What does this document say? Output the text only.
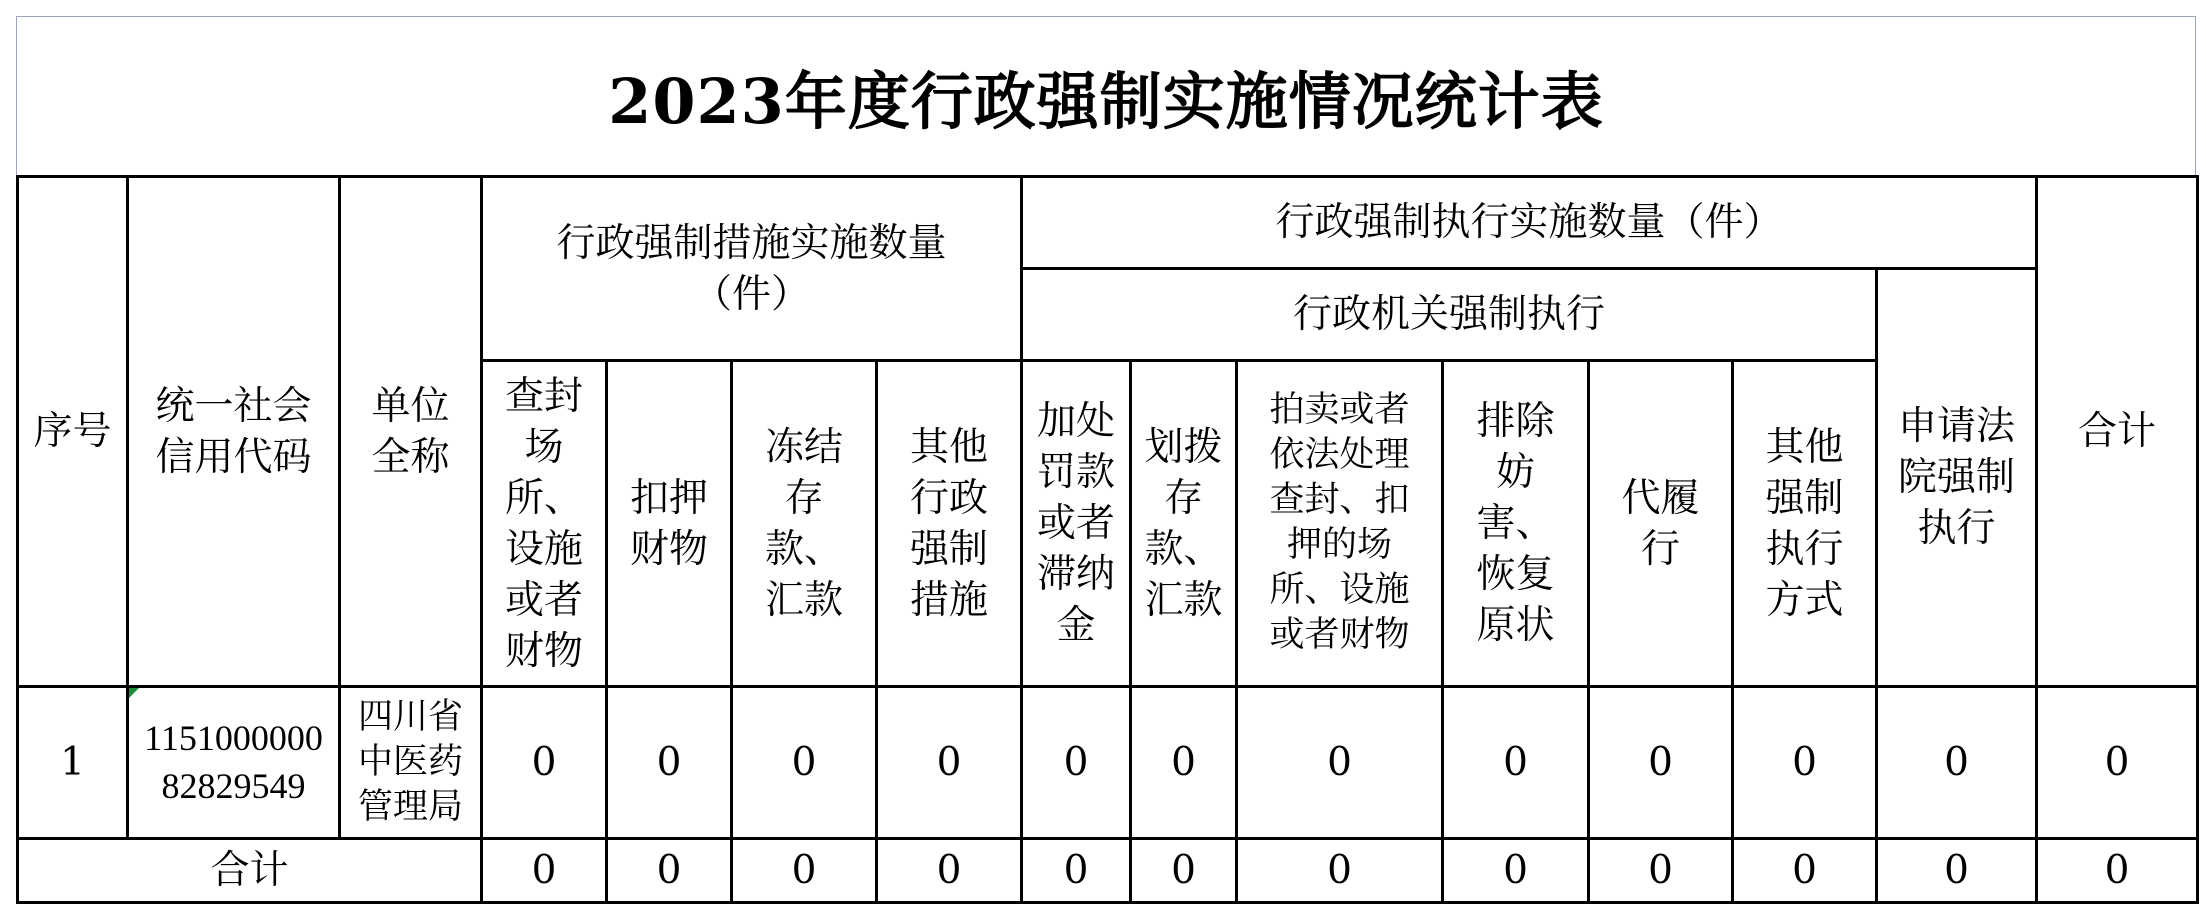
2023年度行政强制实施情况统计表
序号	统一社会信用代码	单位全称	行政强制措施实施数量（件）				行政强制执行实施数量（件）							合计
							行政机关强制执行						申请法院强制执行	
			查封场所、设施或者财物	扣押财物	冻结存款、汇款	其他行政强制措施	加处罚款或者滞纳金	划拨存款、汇款	拍卖或者依法处理查封、扣押的场所、设施或者财物	排除妨害、恢复原状	代履行	其他强制执行方式		
1	115100000082829549	四川省中医药管理局	0	0	0	0	0	0	0	0	0	0	0	0
合计			0	0	0	0	0	0	0	0	0	0	0	0
